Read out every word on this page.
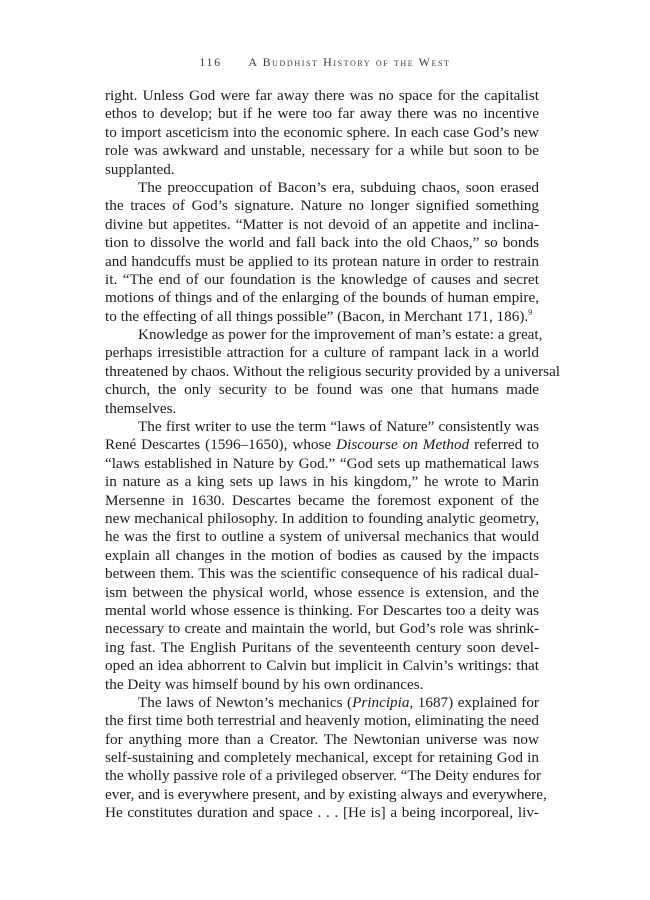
116 A Buddhist History of the West
right. Unless God were far away there was no space for the capitalist
ethos to develop; but if he were too far away there was no incentive
to import asceticism into the economic sphere. In each case God’s new
role was awkward and unstable, necessary for a while but soon to be
supplanted.
The preoccupation of Bacon’s era, subduing chaos, soon erased
the traces of God’s signature. Nature no longer signified something
divine but appetites. “Matter is not devoid of an appetite and inclina-
tion to dissolve the world and fall back into the old Chaos,” so bonds
and handcuffs must be applied to its protean nature in order to restrain
it. “The end of our foundation is the knowledge of causes and secret
motions of things and of the enlarging of the bounds of human empire,
to the effecting of all things possible” (Bacon, in Merchant 171, 186).$^9$
Knowledge as power for the improvement of man’s estate: a great,
perhaps irresistible attraction for a culture of rampant lack in a world
threatened by chaos. Without the religious security provided by a universal
church, the only security to be found was one that humans made
themselves.
The first writer to use the term “laws of Nature” consistently was
René Descartes (1596–1650), whose Discourse on Method referred to
“laws established in Nature by God.” “God sets up mathematical laws
in nature as a king sets up laws in his kingdom,” he wrote to Marin
Mersenne in 1630. Descartes became the foremost exponent of the
new mechanical philosophy. In addition to founding analytic geometry,
he was the first to outline a system of universal mechanics that would
explain all changes in the motion of bodies as caused by the impacts
between them. This was the scientific consequence of his radical dual-
ism between the physical world, whose essence is extension, and the
mental world whose essence is thinking. For Descartes too a deity was
necessary to create and maintain the world, but God’s role was shrink-
ing fast. The English Puritans of the seventeenth century soon devel-
oped an idea abhorrent to Calvin but implicit in Calvin’s writings: that
the Deity was himself bound by his own ordinances.
The laws of Newton’s mechanics (Principia, 1687) explained for
the first time both terrestrial and heavenly motion, eliminating the need
for anything more than a Creator. The Newtonian universe was now
self-sustaining and completely mechanical, except for retaining God in
the wholly passive role of a privileged observer. “The Deity endures for
ever, and is everywhere present, and by existing always and everywhere,
He constitutes duration and space . . . [He is] a being incorporeal, liv-
